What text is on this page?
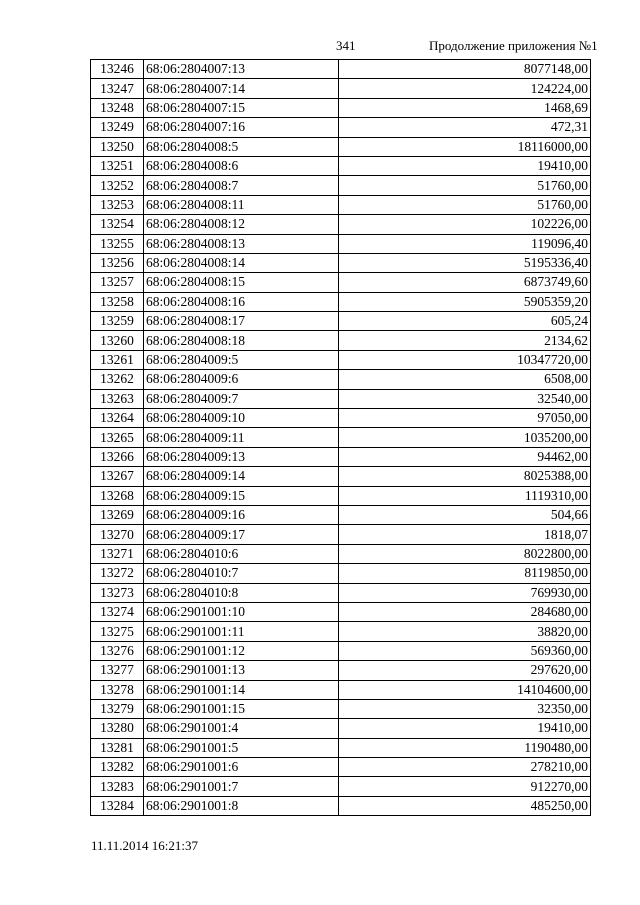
341	Продолжение приложения №1
13246	68:06:2804007:13	8077148,00
13247	68:06:2804007:14	124224,00
13248	68:06:2804007:15	1468,69
13249	68:06:2804007:16	472,31
13250	68:06:2804008:5	18116000,00
13251	68:06:2804008:6	19410,00
13252	68:06:2804008:7	51760,00
13253	68:06:2804008:11	51760,00
13254	68:06:2804008:12	102226,00
13255	68:06:2804008:13	119096,40
13256	68:06:2804008:14	5195336,40
13257	68:06:2804008:15	6873749,60
13258	68:06:2804008:16	5905359,20
13259	68:06:2804008:17	605,24
13260	68:06:2804008:18	2134,62
13261	68:06:2804009:5	10347720,00
13262	68:06:2804009:6	6508,00
13263	68:06:2804009:7	32540,00
13264	68:06:2804009:10	97050,00
13265	68:06:2804009:11	1035200,00
13266	68:06:2804009:13	94462,00
13267	68:06:2804009:14	8025388,00
13268	68:06:2804009:15	1119310,00
13269	68:06:2804009:16	504,66
13270	68:06:2804009:17	1818,07
13271	68:06:2804010:6	8022800,00
13272	68:06:2804010:7	8119850,00
13273	68:06:2804010:8	769930,00
13274	68:06:2901001:10	284680,00
13275	68:06:2901001:11	38820,00
13276	68:06:2901001:12	569360,00
13277	68:06:2901001:13	297620,00
13278	68:06:2901001:14	14104600,00
13279	68:06:2901001:15	32350,00
13280	68:06:2901001:4	19410,00
13281	68:06:2901001:5	1190480,00
13282	68:06:2901001:6	278210,00
13283	68:06:2901001:7	912270,00
13284	68:06:2901001:8	485250,00
11.11.2014 16:21:37
